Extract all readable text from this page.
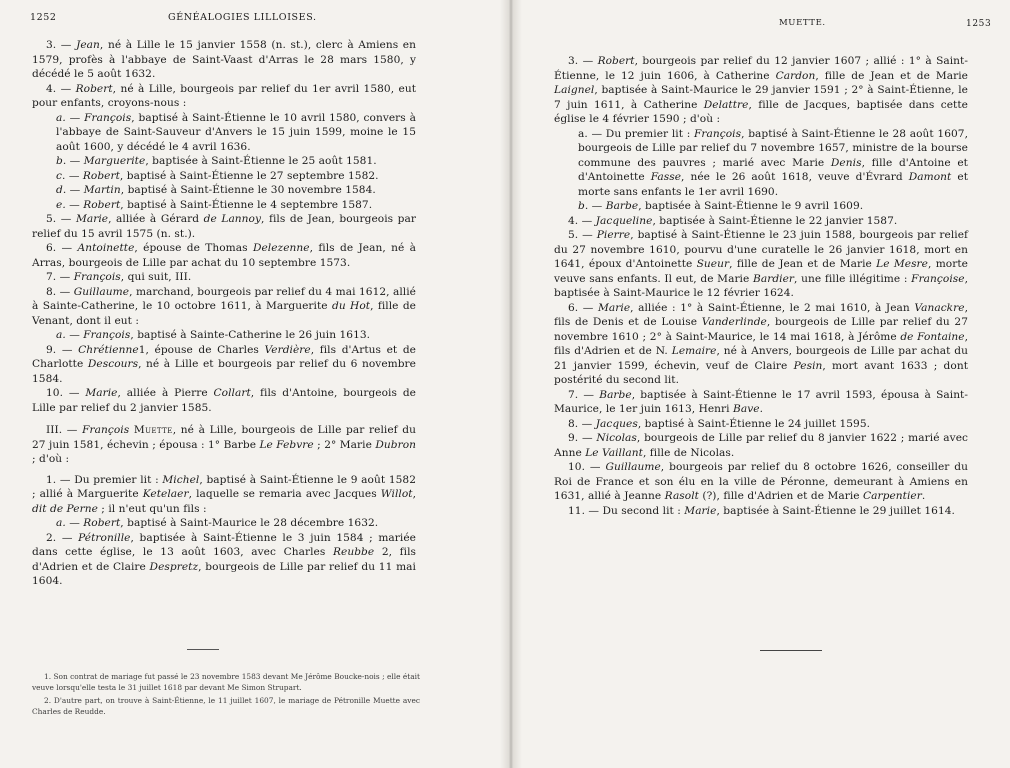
1252	GÉNÉALOGIES LILLOISES.

3. — Jean, né à Lille le 15 janvier 1558 (n. st.), clerc à Amiens en 1579, profès à l'abbaye de Saint-Vaast d'Arras le 28 mars 1580, y décédé le 5 août 1632.

4. — Robert, né à Lille, bourgeois par relief du 1er avril 1580, eut pour enfants, croyons-nous :

a. — François, baptisé à Saint-Étienne le 10 avril 1580, convers à l'abbaye de Saint-Sauveur d'Anvers le 15 juin 1599, moine le 15 août 1600, y décédé le 4 avril 1636.

b. — Marguerite, baptisée à Saint-Étienne le 25 août 1581.

c. — Robert, baptisé à Saint-Étienne le 27 septembre 1582.

d. — Martin, baptisé à Saint-Étienne le 30 novembre 1584.

e. — Robert, baptisé à Saint-Étienne le 4 septembre 1587.

5. — Marie, alliée à Gérard de Lannoy, fils de Jean, bourgeois par relief du 15 avril 1575 (n. st.).

6. — Antoinette, épouse de Thomas Delezenne, fils de Jean, né à Arras, bourgeois de Lille par achat du 10 septembre 1573.

7. — François, qui suit, III.

8. — Guillaume, marchand, bourgeois par relief du 4 mai 1612, allié à Sainte-Catherine, le 10 octobre 1611, à Marguerite du Hot, fille de Venant, dont il eut :

a. — François, baptisé à Sainte-Catherine le 26 juin 1613.

9. — Chrétienne1, épouse de Charles Verdière, fils d'Artus et de Charlotte Descours, né à Lille et bourgeois par relief du 6 novembre 1584.

10. — Marie, alliée à Pierre Collart, fils d'Antoine, bourgeois de Lille par relief du 2 janvier 1585.

III. — François Muette, né à Lille, bourgeois de Lille par relief du 27 juin 1581, échevin ; épousa : 1° Barbe Le Febvre ; 2° Marie Dubron ; d'où :

1. — Du premier lit : Michel, baptisé à Saint-Étienne le 9 août 1582 ; allié à Marguerite Ketelaer, laquelle se remaria avec Jacques Willot, dit de Perne ; il n'eut qu'un fils :

a. — Robert, baptisé à Saint-Maurice le 28 décembre 1632.

2. — Pétronille, baptisée à Saint-Étienne le 3 juin 1584 ; mariée dans cette église, le 13 août 1603, avec Charles Reubbe 2, fils d'Adrien et de Claire Despretz, bourgeois de Lille par relief du 11 mai 1604.

1. Son contrat de mariage fut passé le 23 novembre 1583 devant Me Jérôme Boucke-nois ; elle était veuve lorsqu'elle testa le 31 juillet 1618 par devant Me Simon Strupart.

2. D'autre part, on trouve à Saint-Étienne, le 11 juillet 1607, le mariage de Pétronille Muette avec Charles de Reudde.

MUETTE.	1253

3. — Robert, bourgeois par relief du 12 janvier 1607 ; allié : 1° à Saint-Étienne, le 12 juin 1606, à Catherine Cardon, fille de Jean et de Marie Laignel, baptisée à Saint-Maurice le 29 janvier 1591 ; 2° à Saint-Étienne, le 7 juin 1611, à Catherine Delattre, fille de Jacques, baptisée dans cette église le 4 février 1590 ; d'où :

a. — Du premier lit : François, baptisé à Saint-Étienne le 28 août 1607, bourgeois de Lille par relief du 7 novembre 1657, ministre de la bourse commune des pauvres ; marié avec Marie Denis, fille d'Antoine et d'Antoinette Fasse, née le 26 août 1618, veuve d'Évrard Damont et morte sans enfants le 1er avril 1690.

b. — Barbe, baptisée à Saint-Étienne le 9 avril 1609.

4. — Jacqueline, baptisée à Saint-Étienne le 22 janvier 1587.

5. — Pierre, baptisé à Saint-Étienne le 23 juin 1588, bourgeois par relief du 27 novembre 1610, pourvu d'une curatelle le 26 janvier 1618, mort en 1641, époux d'Antoinette Sueur, fille de Jean et de Marie Le Mesre, morte veuve sans enfants. Il eut, de Marie Bardier, une fille illégitime : Françoise, baptisée à Saint-Maurice le 12 février 1624.

6. — Marie, alliée : 1° à Saint-Étienne, le 2 mai 1610, à Jean Vanackre, fils de Denis et de Louise Vanderlinde, bourgeois de Lille par relief du 27 novembre 1610 ; 2° à Saint-Maurice, le 14 mai 1618, à Jérôme de Fontaine, fils d'Adrien et de N. Lemaire, né à Anvers, bourgeois de Lille par achat du 21 janvier 1599, échevin, veuf de Claire Pesin, mort avant 1633 ; dont postérité du second lit.

7. — Barbe, baptisée à Saint-Étienne le 17 avril 1593, épousa à Saint-Maurice, le 1er juin 1613, Henri Bave.

8. — Jacques, baptisé à Saint-Étienne le 24 juillet 1595.

9. — Nicolas, bourgeois de Lille par relief du 8 janvier 1622 ; marié avec Anne Le Vaillant, fille de Nicolas.

10. — Guillaume, bourgeois par relief du 8 octobre 1626, conseiller du Roi de France et son élu en la ville de Péronne, demeurant à Amiens en 1631, allié à Jeanne Rasolt (?), fille d'Adrien et de Marie Carpentier.

11. — Du second lit : Marie, baptisée à Saint-Étienne le 29 juillet 1614.
